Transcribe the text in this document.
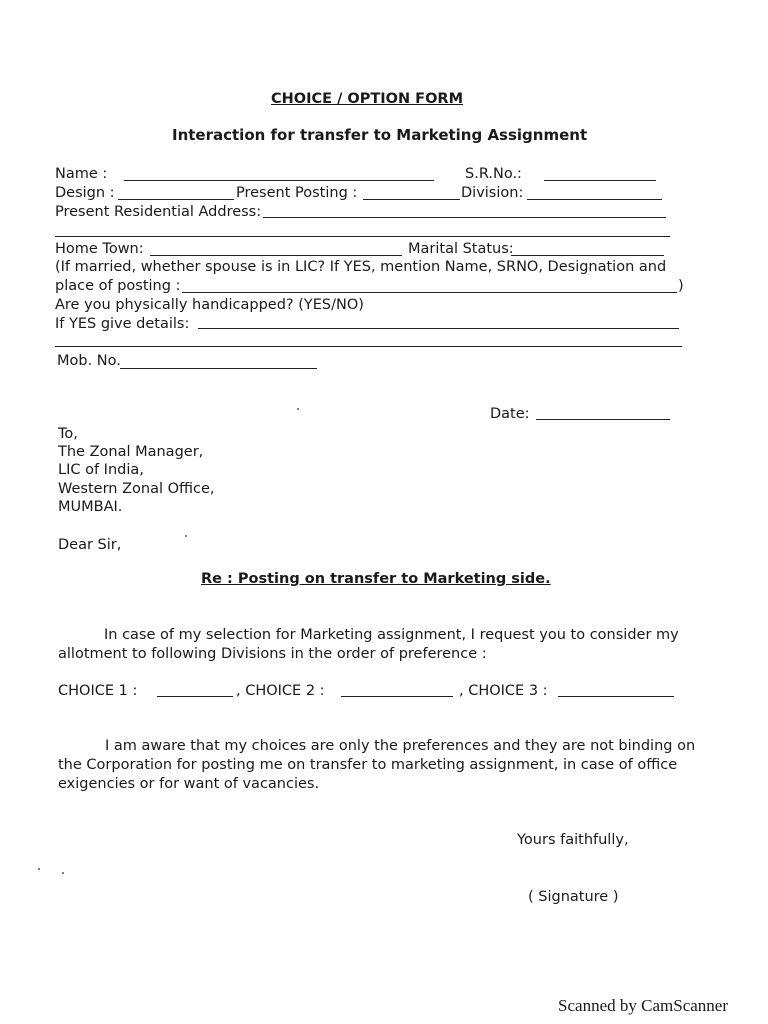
CHOICE / OPTION FORM
Interaction for transfer to Marketing Assignment
Name :	S.R.No.:
Design :	Present Posting :	Division:
Present Residential Address:
Home Town:	Marital Status:
(If married, whether spouse is in LIC? If YES, mention Name, SRNO, Designation and
place of posting :	)
Are you physically handicapped? (YES/NO)
If YES give details:
Mob. No.
Date:
To,
The Zonal Manager,
LIC of India,
Western Zonal Office,
MUMBAI.
Dear Sir,
Re : Posting on transfer to Marketing side.
In case of my selection for Marketing assignment, I request you to consider my
allotment to following Divisions in the order of preference :
CHOICE 1 :	, CHOICE 2 :	, CHOICE 3 :
I am aware that my choices are only the preferences and they are not binding on
the Corporation for posting me on transfer to marketing assignment, in case of office
exigencies or for want of vacancies.
Yours faithfully,
( Signature )
Scanned by CamScanner
